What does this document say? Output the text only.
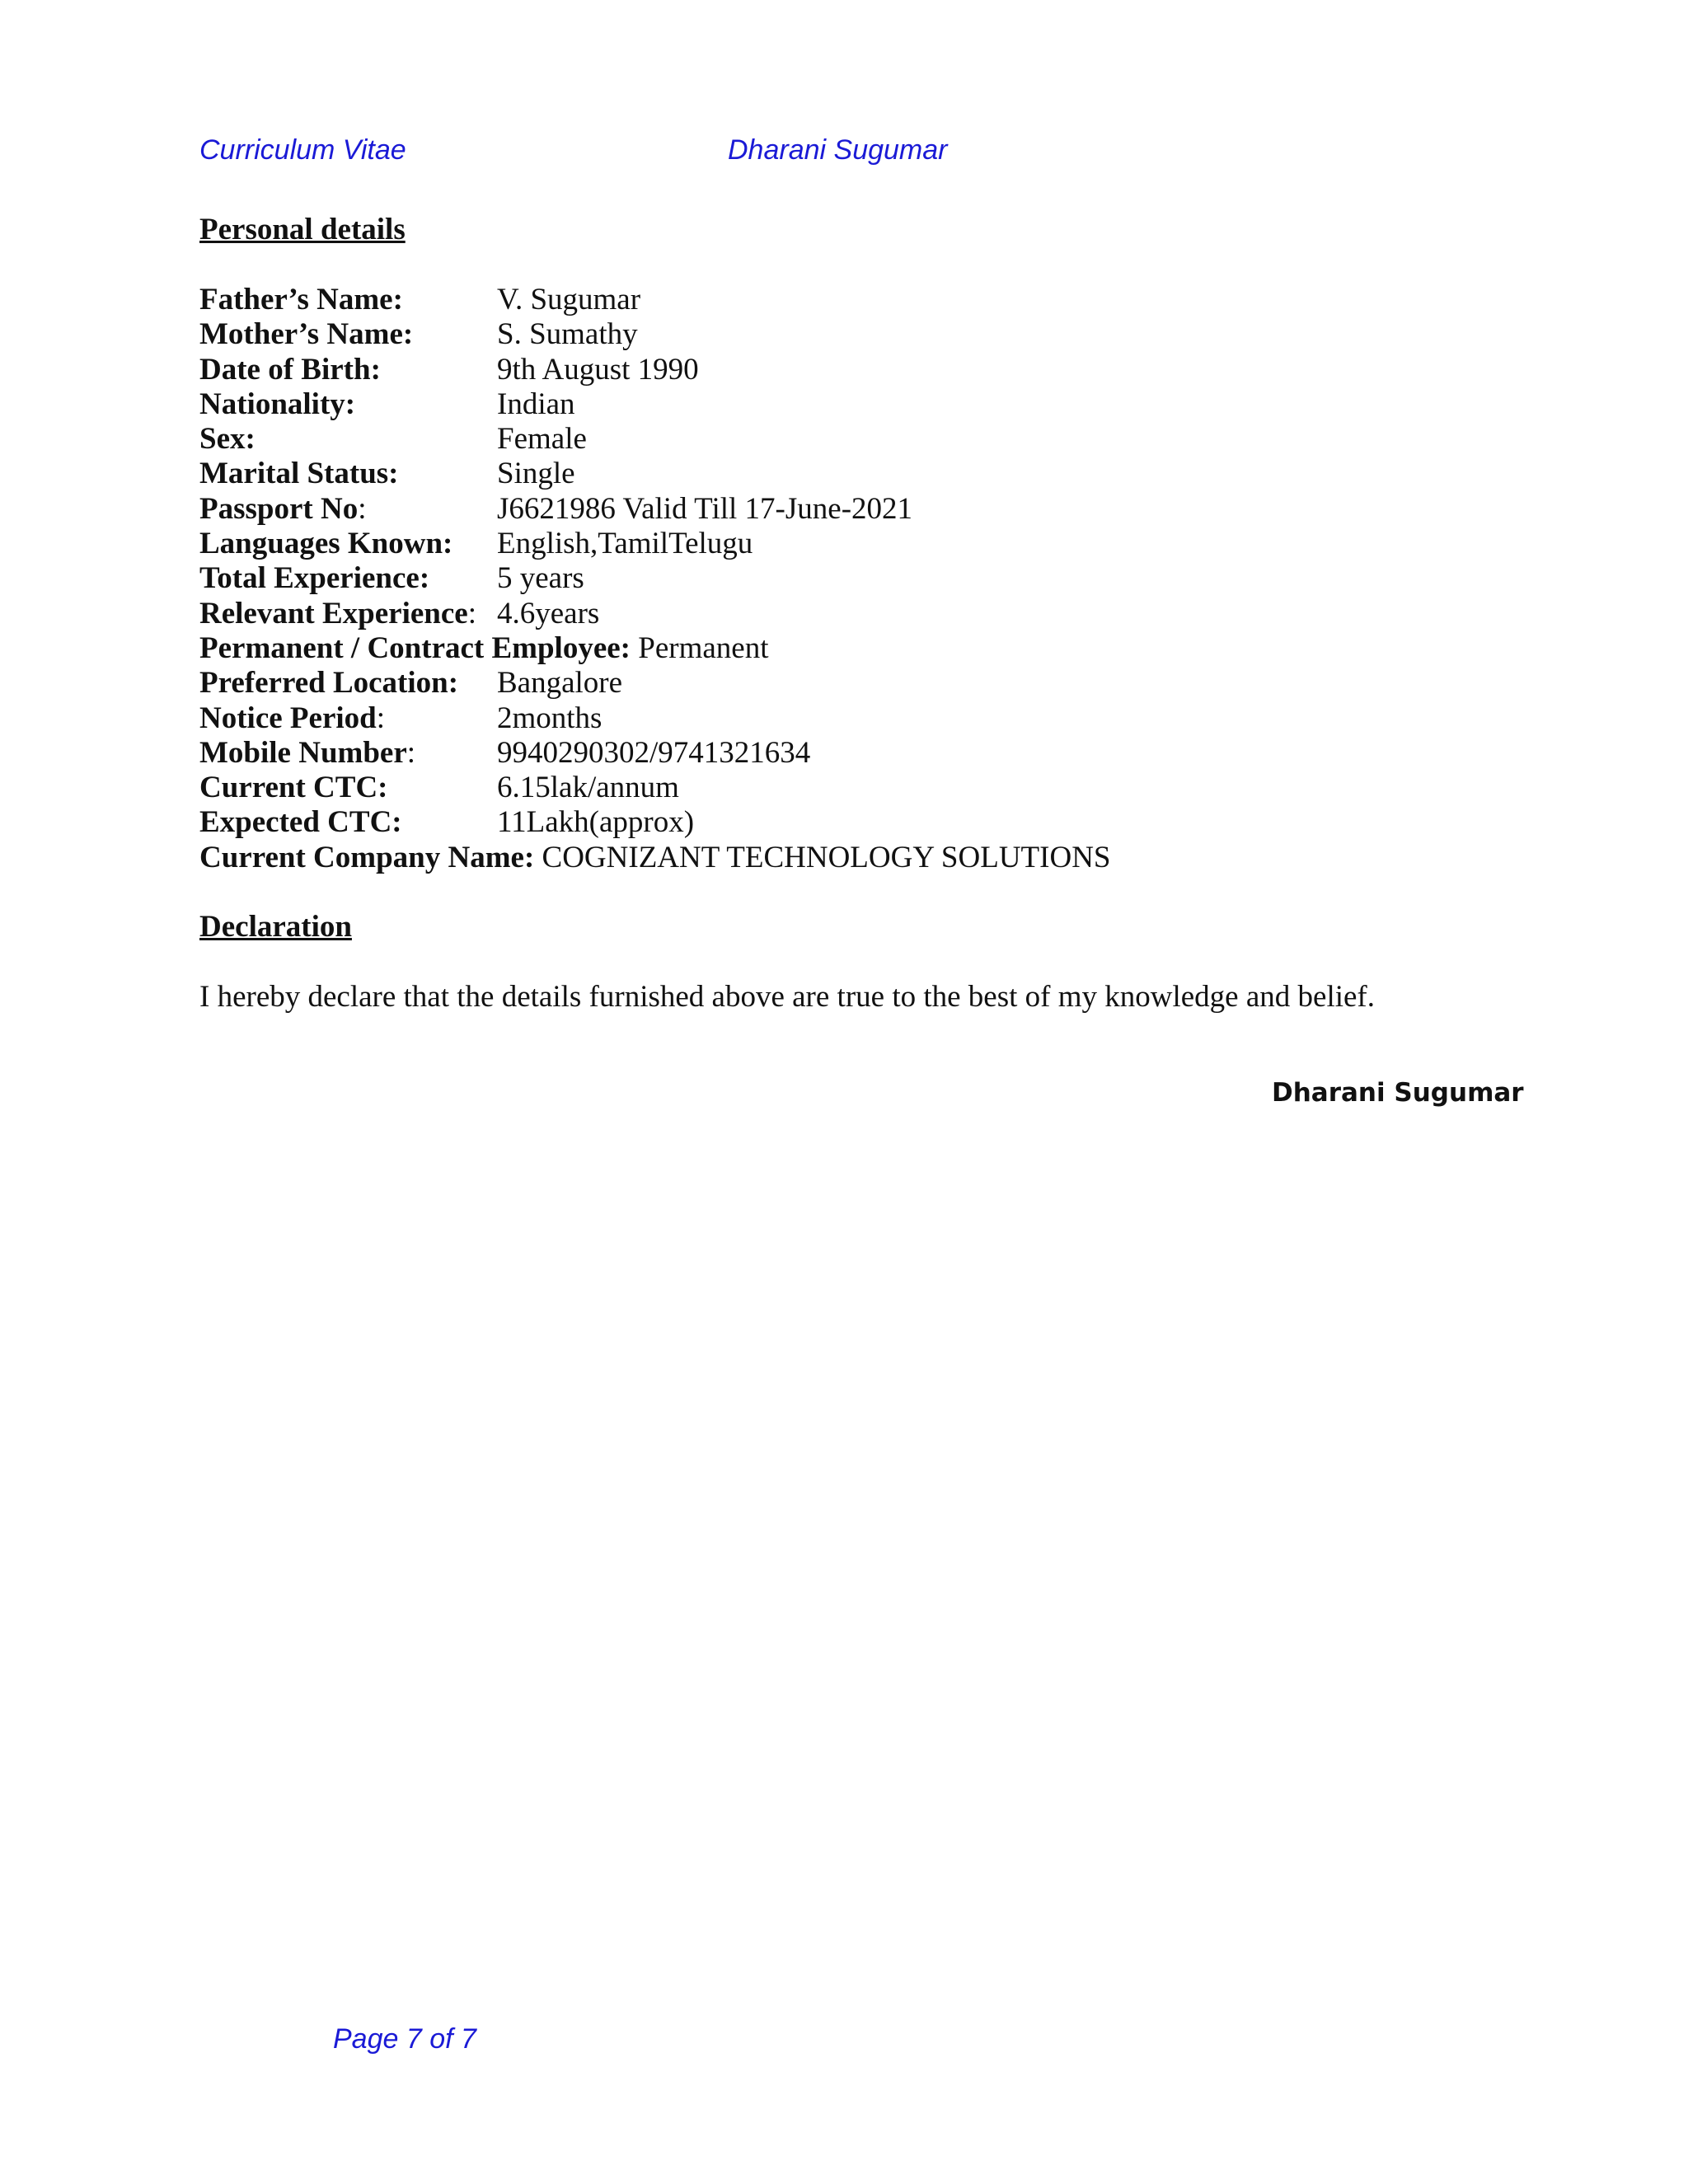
Curriculum Vitae	Dharani Sugumar
Personal details
Father’s Name:	V. Sugumar
Mother’s Name:	S. Sumathy
Date of Birth:	9th August 1990
Nationality:	Indian
Sex:	Female
Marital Status:	Single
Passport No:	J6621986 Valid Till 17-June-2021
Languages Known: English,TamilTelugu
Total Experience: 5 years
Relevant Experience: 4.6years
Permanent / Contract Employee: Permanent
Preferred Location: Bangalore
Notice Period:	2months
Mobile Number:	9940290302/9741321634
Current CTC:	6.15lak/annum
Expected CTC:	11Lakh(approx)
Current Company Name: COGNIZANT TECHNOLOGY SOLUTIONS
Declaration
I hereby declare that the details furnished above are true to the best of my knowledge and belief.
Dharani Sugumar
Page 7 of 7
